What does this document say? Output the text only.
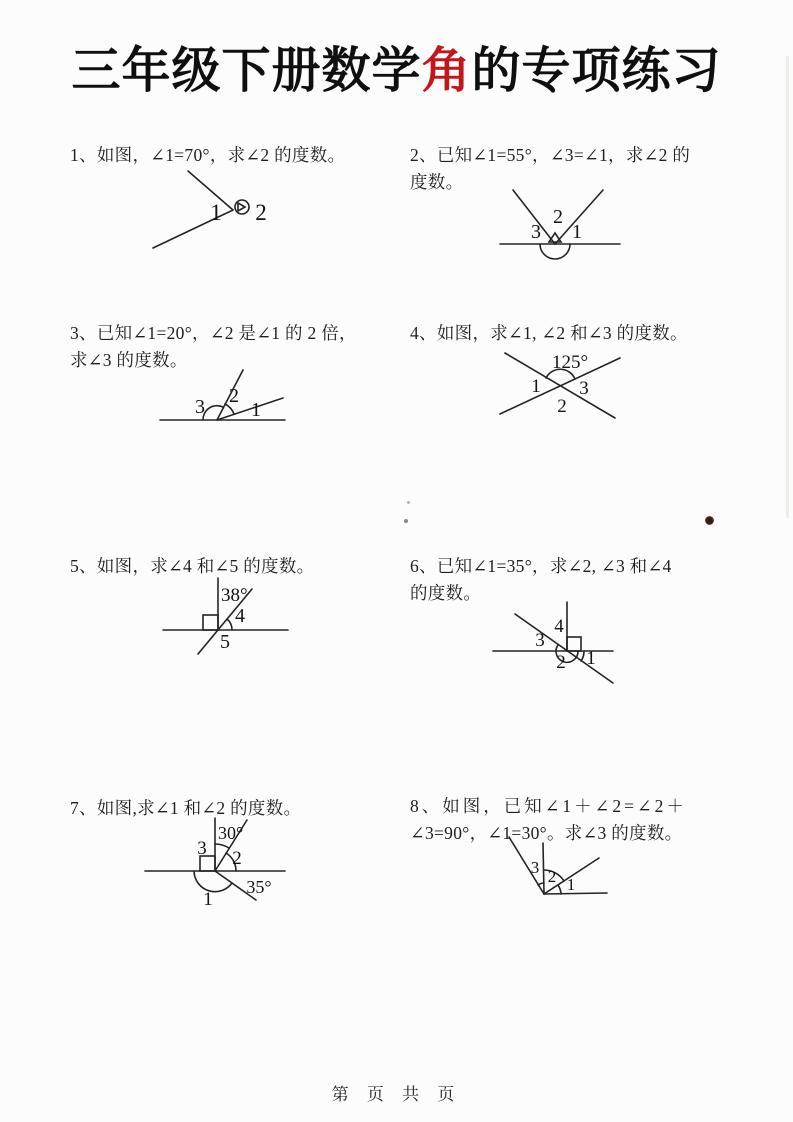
三年级下册数学角的专项练习
1、如图，∠1=70°，求∠2 的度数。
1 2
2、已知∠1=55°，∠3=∠1，求∠2 的
度数。
3
2
1
3、已知∠1=20°，∠2 是∠1 的 2 倍，
求∠3 的度数。
3 2
1
4、如图，求∠1, ∠2 和∠3 的度数。
125°
1 3
2
5、如图，求∠4 和∠5 的度数。
38°
4
5
6、已知∠1=35°，求∠2, ∠3 和∠4
的度数。
4
3
2 1
7、如图,求∠1 和∠2 的度数。
3
30°
2
35°
1
8、如图，已知∠1＋∠2=∠2＋
∠3=90°，∠1=30°。求∠3 的度数。
3 2 1
第 页 共 页
